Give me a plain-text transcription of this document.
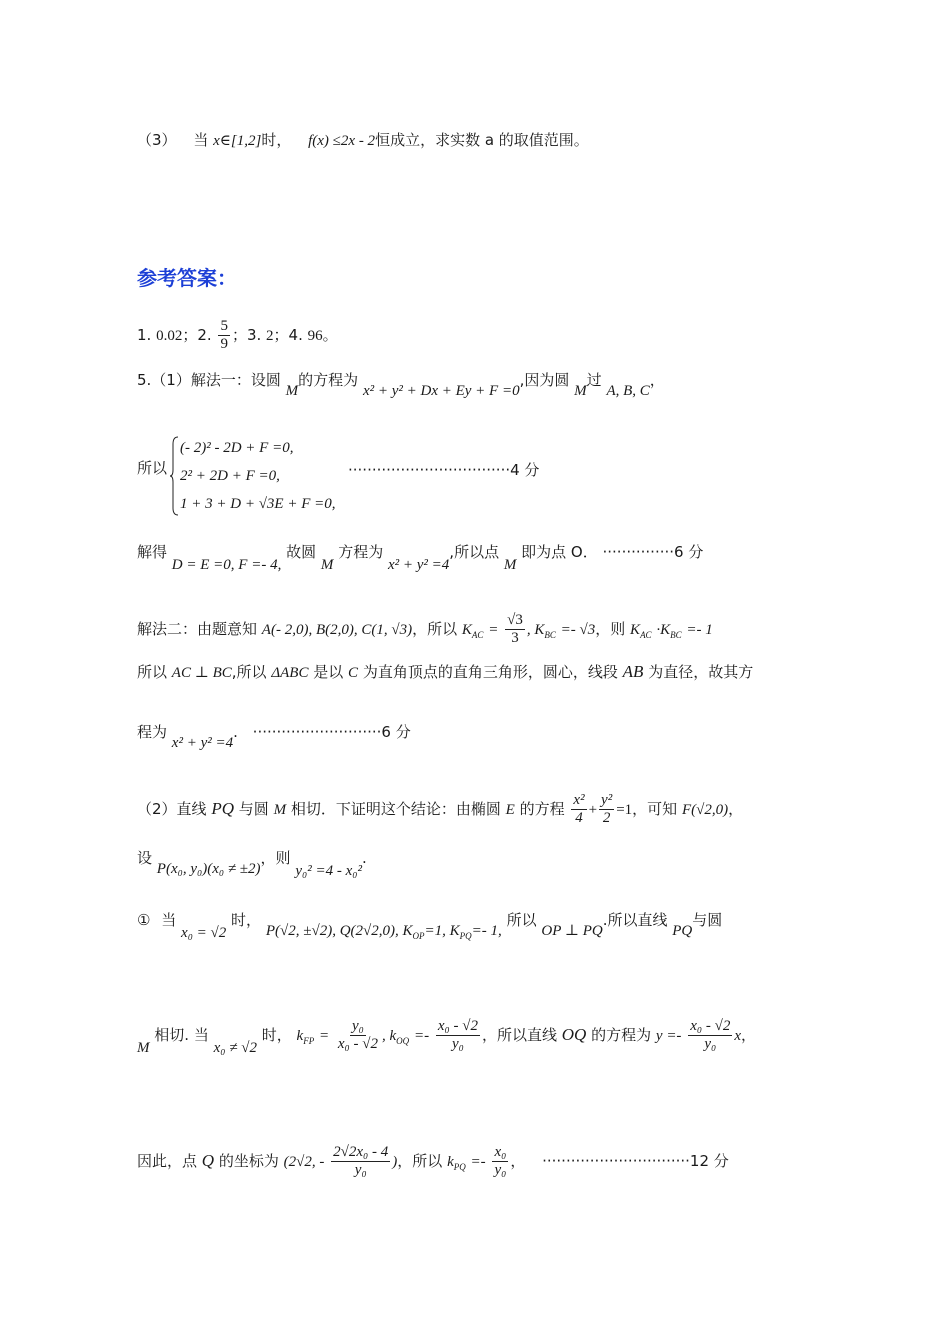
（3） 当 x∈[1,2]时， f(x) ≤2x - 2恒成立，求实数 a 的取值范围。
参考答案：
1. 0.02；2. $\frac{5}{9}$ ；3. 2；4. 96。
5.（1）解法一：设圆 M的方程为 x² + y² + Dx + Ey + F =0,因为圆 M过 A, B, C，
所以
(- 2)² - 2D + F =0,
2² + 2D + F =0,
1 + 3 + D + √3E + F =0,
··································4 分
解得 D = E =0, F =- 4, 故圆 M 方程为 x² + y² =4,所以点 M 即为点 O． ···············6 分
解法二：由题意知 A(- 2,0), B(2,0), C(1, √3)，所以 $K_{AC} = \frac{√3}{3}$ , $K_{BC} =- √3$，则 $K_{AC} \cdot K_{BC} =- 1$
所以 AC ⊥ BC,所以 ΔABC 是以 C 为直角顶点的直角三角形，圆心，线段 AB 为直径，故其方
程为 x² + y² =4. ···························6 分
（2）直线 PQ 与圆 M 相切．下证明这个结论：由椭圆 E 的方程 $\frac{\text{x²}}{4} + \frac{\text{y²}}{2} =1$，可知 F(√2,0)，
设 P(x₀, y₀)(x₀ ≠ ±2)，则 y₀² =4 - x₀².
① 当 x₀ = √2 时， P(√2, ±√2), Q(2√2,0), $K_{OP}=1$, $K_{PQ}=-$ 1, 所以 OP ⊥ PQ.所以直线 PQ与圆
M 相切. 当 x₀ ≠ √2 时， $k_{FP} = \frac{\text{y₀}}{\text{x₀ - √2}}$ , $k_{OQ} =- \frac{\text{x₀ - √2}}{\text{y₀}}$ ，所以直线 OQ 的方程为 $y =- \frac{\text{x₀ - √2}}{\text{y₀}}$ x，
因此，点 Q 的坐标为 (2√2, - $\frac{\text{2√2x₀ - 4}}{\text{y₀}}$ )，所以 $k_{PQ} =- \frac{\text{x₀}}{\text{y₀}}$ ， ·······························12 分
